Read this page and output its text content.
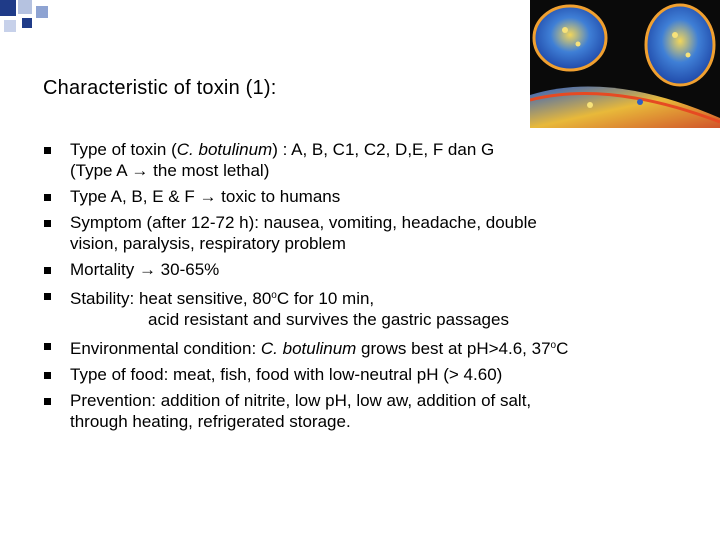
Characteristic of toxin (1):
Type of toxin (C. botulinum) : A, B, C1, C2, D,E, F dan G
(Type A → the most lethal)
Type A, B, E & F → toxic to humans
Symptom (after 12-72 h): nausea, vomiting, headache, double
vision, paralysis, respiratory problem
Mortality → 30-65%
Stability: heat sensitive, 80$^o$C for 10 min,
acid resistant and survives the gastric passages
Environmental condition: C. botulinum grows best at pH>4.6, 37$^o$C
Type of food: meat, fish, food with low-neutral pH (> 4.60)
Prevention: addition of nitrite, low pH, low aw, addition of salt,
through heating, refrigerated storage.
